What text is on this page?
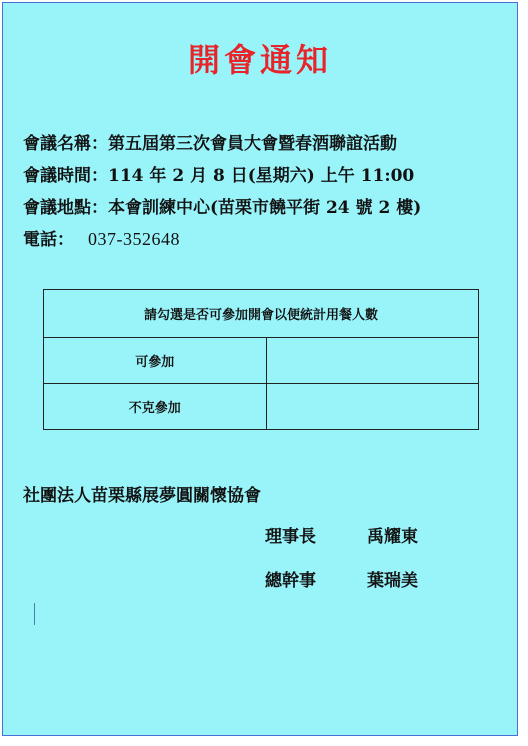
開會通知
會議名稱：第五屆第三次會員大會暨春酒聯誼活動
會議時間：114 年 2 月 8 日(星期六) 上午 11:00
會議地點：本會訓練中心(苗栗市饒平街 24 號 2 樓)
電話： 037-352648
請勾選是否可參加開會以便統計用餐人數	
可參加	
不克參加	
社團法人苗栗縣展夢圓關懷協會
理事長	禹耀東
總幹事	葉瑞美
